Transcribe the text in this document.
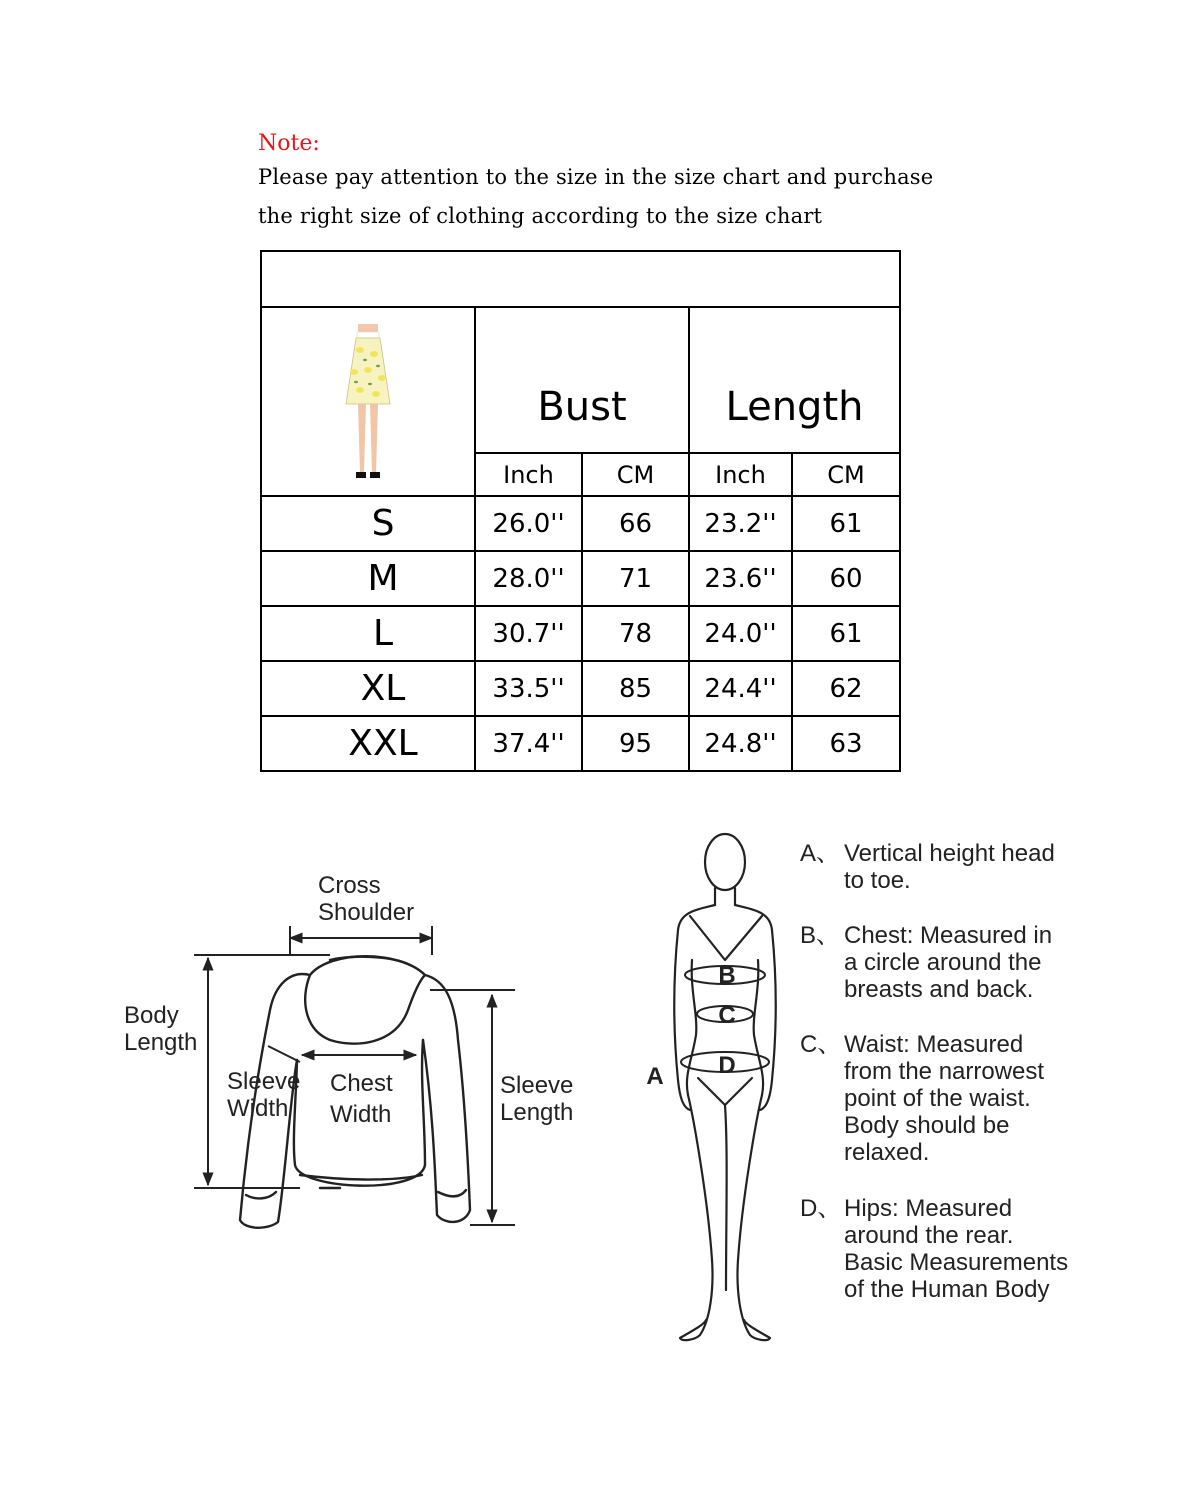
Note:
Please pay attention to the size in the size chart and purchase
the right size of clothing according to the size chart

	Bust		Length	
	Inch	CM	Inch	CM
S	26.0''	66	23.2''	61
M	28.0''	71	23.6''	60
L	30.7''	78	24.0''	61
XL	33.5''	85	24.4''	62
XXL	37.4''	95	24.8''	63
Cross
Shoulder
Body
Length
Sleeve
Width
Chest
Width
Sleeve
Length
B
C
D
A
A、 Vertical height head
to toe.
B、 Chest: Measured in
a circle around the
breasts and back.
C、 Waist: Measured
from the narrowest
point of the waist.
Body should be
relaxed.
D、 Hips: Measured
around the rear.
Basic Measurements
of the Human Body
